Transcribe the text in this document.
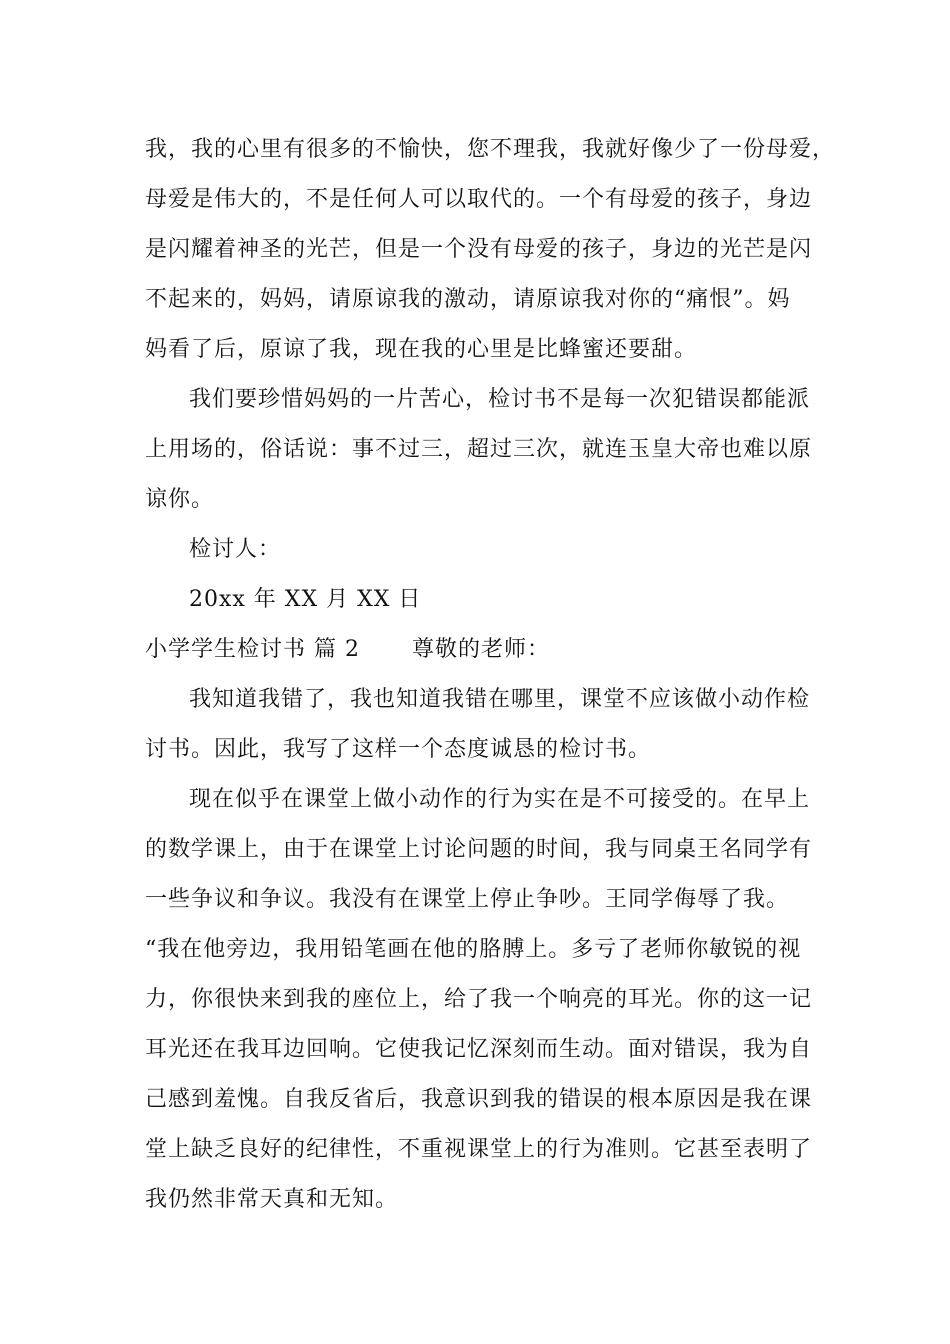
我，我的心里有很多的不愉快，您不理我，我就好像少了一份母爱，
母爱是伟大的，不是任何人可以取代的。一个有母爱的孩子，身边
是闪耀着神圣的光芒，但是一个没有母爱的孩子，身边的光芒是闪
不起来的，妈妈，请原谅我的激动，请原谅我对你的“痛恨”。妈
妈看了后，原谅了我，现在我的心里是比蜂蜜还要甜。
我们要珍惜妈妈的一片苦心，检讨书不是每一次犯错误都能派
上用场的，俗话说：事不过三，超过三次，就连玉皇大帝也难以原
谅你。
检讨人：
20xx 年 XX 月 XX 日
小学学生检讨书 篇 2 尊敬的老师：
我知道我错了，我也知道我错在哪里，课堂不应该做小动作检
讨书。因此，我写了这样一个态度诚恳的检讨书。
现在似乎在课堂上做小动作的行为实在是不可接受的。在早上
的数学课上，由于在课堂上讨论问题的时间，我与同桌王名同学有
一些争议和争议。我没有在课堂上停止争吵。王同学侮辱了我。
“我在他旁边，我用铅笔画在他的胳膊上。多亏了老师你敏锐的视
力，你很快来到我的座位上，给了我一个响亮的耳光。你的这一记
耳光还在我耳边回响。它使我记忆深刻而生动。面对错误，我为自
己感到羞愧。自我反省后，我意识到我的错误的根本原因是我在课
堂上缺乏良好的纪律性，不重视课堂上的行为准则。它甚至表明了
我仍然非常天真和无知。
